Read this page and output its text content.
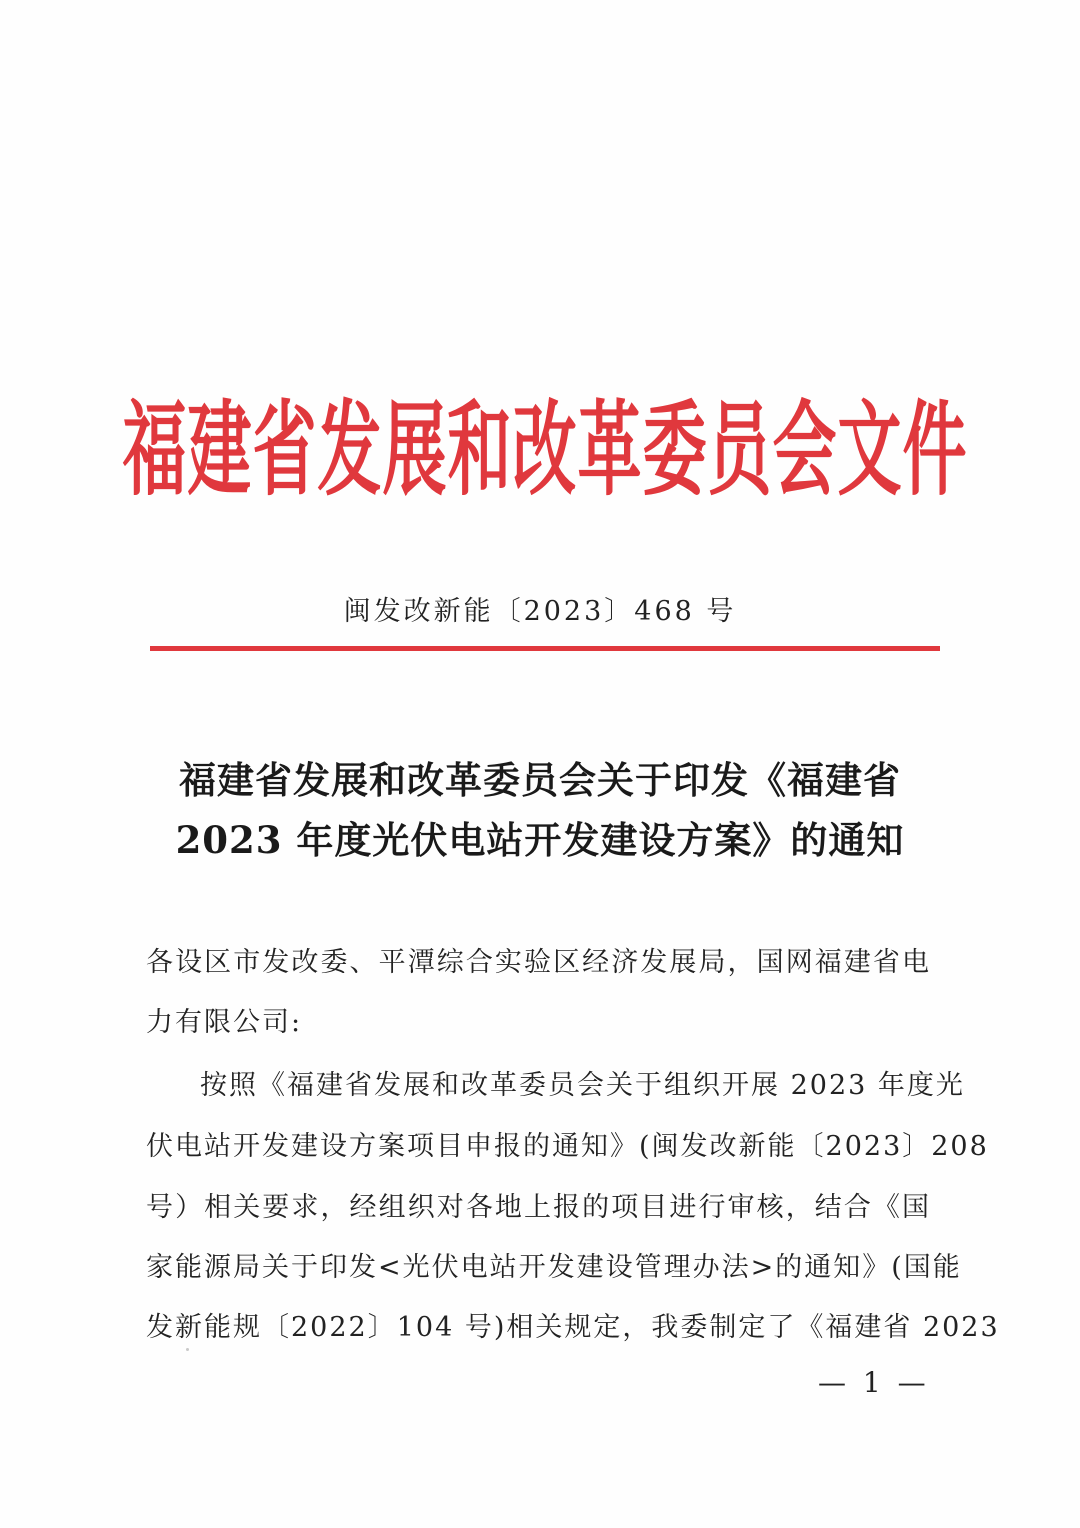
福建省发展和改革委员会文件
闽发改新能〔2023〕468 号
福建省发展和改革委员会关于印发《福建省
2023 年度光伏电站开发建设方案》的通知
各设区市发改委、平潭综合实验区经济发展局，国网福建省电
力有限公司:
按照《福建省发展和改革委员会关于组织开展 2023 年度光
伏电站开发建设方案项目申报的通知》(闽发改新能〔2023〕208
号）相关要求，经组织对各地上报的项目进行审核，结合《国
家能源局关于印发<光伏电站开发建设管理办法>的通知》(国能
发新能规〔2022〕104 号)相关规定，我委制定了《福建省 2023
— 1 —
